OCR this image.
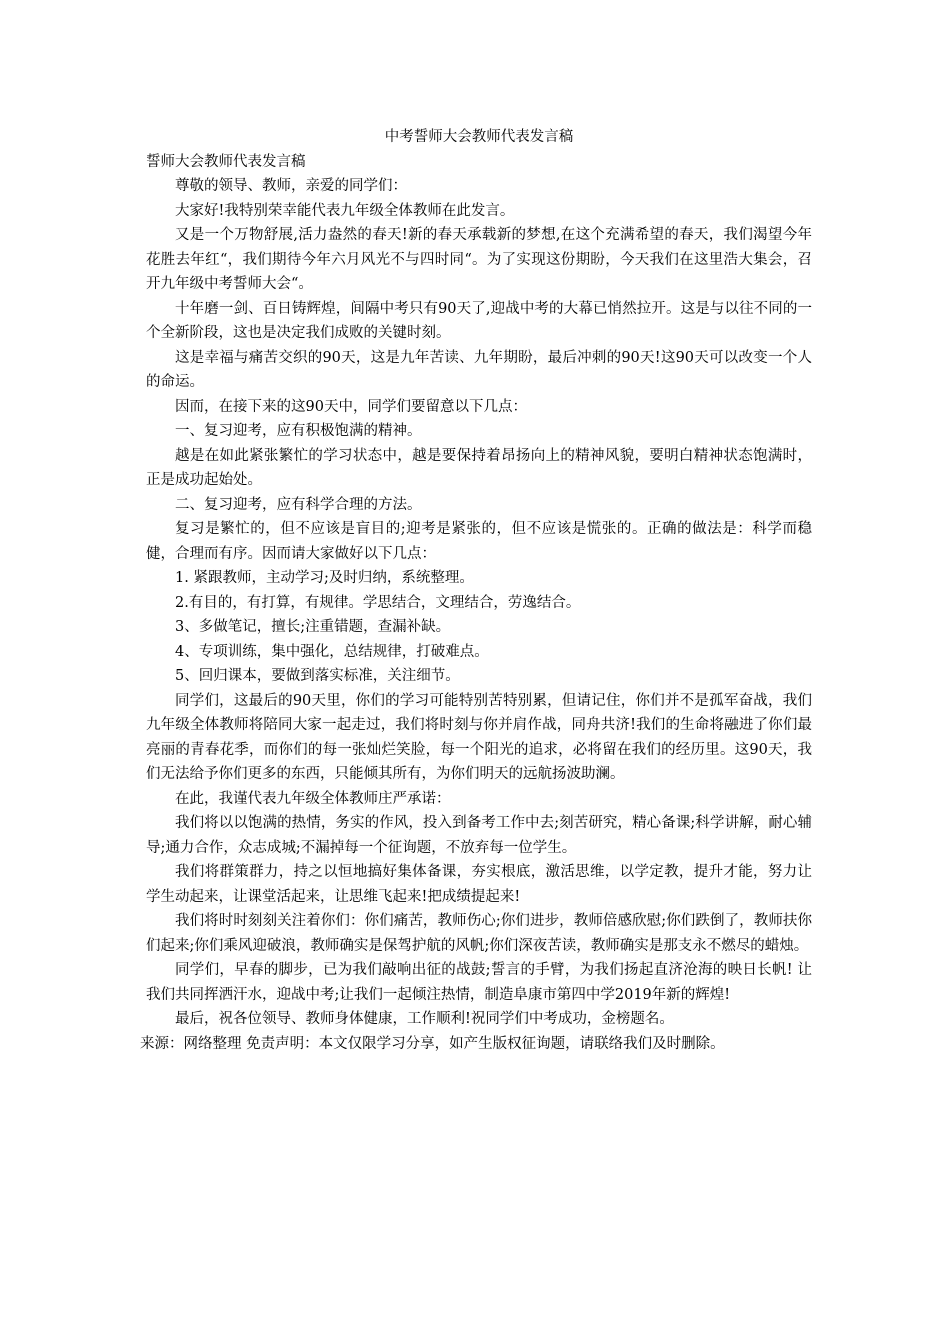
中考誓师大会教师代表发言稿

誓师大会教师代表发言稿

尊敬的领导、教师，亲爱的同学们：

大家好!我特别荣幸能代表九年级全体教师在此发言。

又是一个万物舒展,活力盎然的春天!新的春天承载新的梦想,在这个充满希望的春天，我们渴望今年花胜去年红“，我们期待今年六月风光不与四时同“。为了实现这份期盼，今天我们在这里浩大集会，召开九年级中考誓师大会“。

十年磨一剑、百日铸辉煌，间隔中考只有90天了,迎战中考的大幕已悄然拉开。这是与以往不同的一个全新阶段，这也是决定我们成败的关键时刻。

这是幸福与痛苦交织的90天，这是九年苦读、九年期盼，最后冲刺的90天!这90天可以改变一个人的命运。

因而，在接下来的这90天中，同学们要留意以下几点：

一、复习迎考，应有积极饱满的精神。

越是在如此紧张繁忙的学习状态中，越是要保持着昂扬向上的精神风貌，要明白精神状态饱满时，正是成功起始处。

二、复习迎考，应有科学合理的方法。

复习是繁忙的，但不应该是盲目的;迎考是紧张的，但不应该是慌张的。正确的做法是：科学而稳健，合理而有序。因而请大家做好以下几点：

1. 紧跟教师，主动学习;及时归纳，系统整理。

2.有目的，有打算，有规律。学思结合，文理结合，劳逸结合。

3、多做笔记，擅长;注重错题，查漏补缺。

4、专项训练，集中强化，总结规律，打破难点。

5、回归课本，要做到落实标准，关注细节。

同学们，这最后的90天里，你们的学习可能特别苦特别累，但请记住，你们并不是孤军奋战，我们九年级全体教师将陪同大家一起走过，我们将时刻与你并肩作战，同舟共济!我们的生命将融进了你们最亮丽的青春花季，而你们的每一张灿烂笑脸，每一个阳光的追求，必将留在我们的经历里。这90天，我们无法给予你们更多的东西，只能倾其所有，为你们明天的远航扬波助澜。

在此，我谨代表九年级全体教师庄严承诺：

我们将以以饱满的热情，务实的作风，投入到备考工作中去;刻苦研究，精心备课;科学讲解，耐心辅导;通力合作，众志成城;不漏掉每一个征询题，不放弃每一位学生。

我们将群策群力，持之以恒地搞好集体备课，夯实根底，激活思维，以学定教，提升才能，努力让学生动起来，让课堂活起来，让思维飞起来!把成绩提起来!

我们将时时刻刻关注着你们：你们痛苦，教师伤心;你们进步，教师倍感欣慰;你们跌倒了，教师扶你们起来;你们乘风迎破浪，教师确实是保驾护航的风帆;你们深夜苦读，教师确实是那支永不燃尽的蜡烛。

同学们，早春的脚步，已为我们敲响出征的战鼓;誓言的手臂，为我们扬起直济沧海的映日长帆! 让我们共同挥洒汗水，迎战中考;让我们一起倾注热情，制造阜康市第四中学2019年新的辉煌!

最后，祝各位领导、教师身体健康，工作顺利!祝同学们中考成功，金榜题名。

来源：网络整理 免责声明：本文仅限学习分享，如产生版权征询题，请联络我们及时删除。
